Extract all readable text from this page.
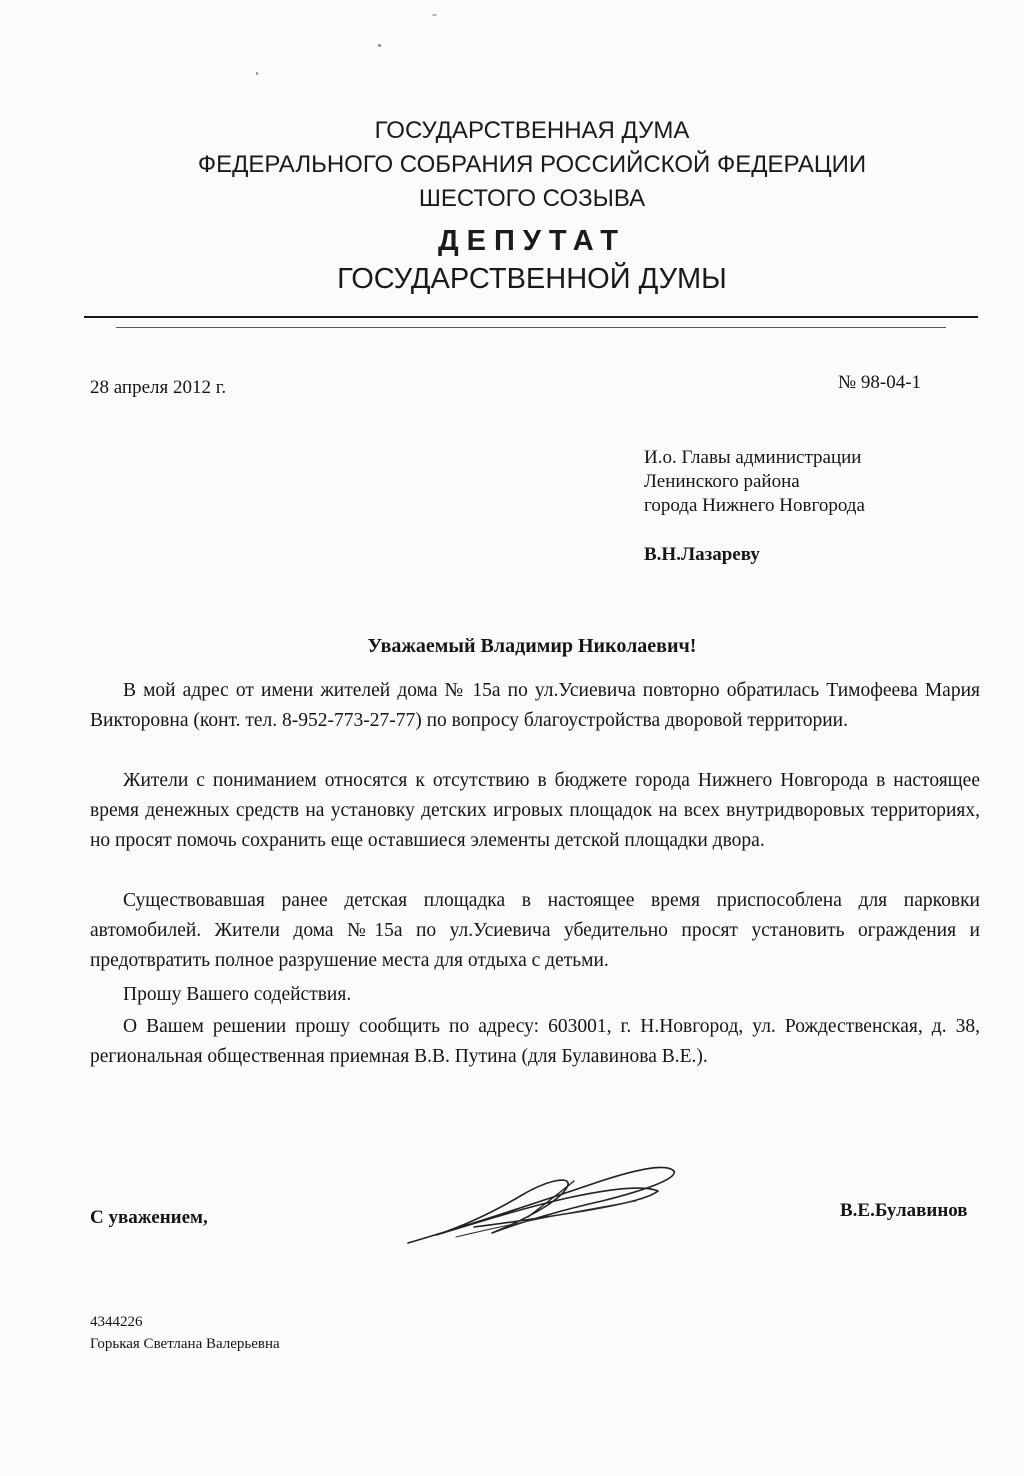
ГОСУДАРСТВЕННАЯ ДУМА
ФЕДЕРАЛЬНОГО СОБРАНИЯ РОССИЙСКОЙ ФЕДЕРАЦИИ
ШЕСТОГО СОЗЫВА
ДЕПУТАТ
ГОСУДАРСТВЕННОЙ ДУМЫ
28 апреля 2012 г.	№ 98-04-1
И.о. Главы администрации
Ленинского района
города Нижнего Новгорода
В.Н.Лазареву
Уважаемый Владимир Николаевич!

В мой адрес от имени жителей дома № 15а по ул.Усиевича повторно обратилась Тимофеева Мария Викторовна (конт. тел. 8-952-773-27-77) по вопросу благоустройства дворовой территории.

Жители с пониманием относятся к отсутствию в бюджете города Нижнего Новгорода в настоящее время денежных средств на установку детских игровых площадок на всех внутридворовых территориях, но просят помочь сохранить еще оставшиеся элементы детской площадки двора.

Существовавшая ранее детская площадка в настоящее время приспособлена для парковки автомобилей. Жители дома №15а по ул.Усиевича убедительно просят установить ограждения и предотвратить полное разрушение места для отдыха с детьми.

Прошу Вашего содействия.

О Вашем решении прошу сообщить по адресу: 603001, г. Н.Новгород, ул. Рождественская, д. 38, региональная общественная приемная В.В. Путина (для Булавинова В.Е.).

С уважением,	В.Е.Булавинов
4344226
Горькая Светлана Валерьевна
